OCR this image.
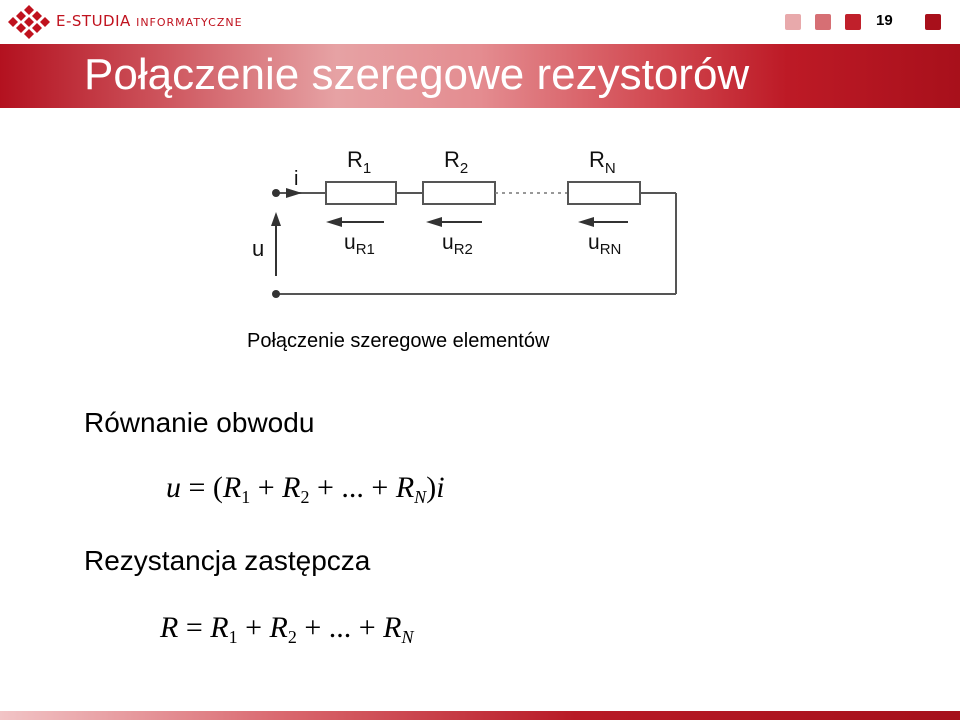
E-STUDIA INFORMATYCZNE	19
Połączenie szeregowe rezystorów
i
u
$R_1$	$R_2$	$R_N$
$u_{R1}$	$u_{R2}$	$u_{RN}$
Połączenie szeregowe elementów
Równanie obwodu
$u = (R_1 + R_2$ + ... + $R_N)i$
Rezystancja zastępcza
$R = R_1 + R_2$ + ... + $R_N$
